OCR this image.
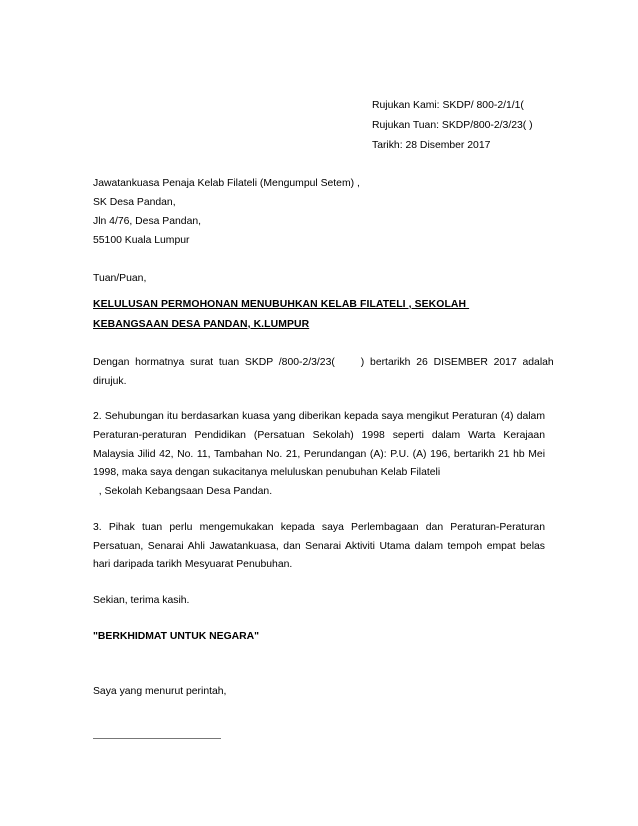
Rujukan Kami: SKDP/ 800-2/1/1(
Rujukan Tuan: SKDP/800-2/3/23( )
Tarikh: 28 Disember 2017
Jawatankuasa Penaja Kelab Filateli (Mengumpul Setem) ,
SK Desa Pandan,
Jln 4/76, Desa Pandan,
55100 Kuala Lumpur
Tuan/Puan,
KELULUSAN PERMOHONAN MENUBUHKAN KELAB FILATELI , SEKOLAH
KEBANGSAAN DESA PANDAN, K.LUMPUR
Dengan  hormatnya  surat  tuan  SKDP  /800-2/3/23(         )  bertarikh  26  DISEMBER  2017  adalah
dirujuk.
2. Sehubungan itu berdasarkan kuasa yang diberikan kepada saya mengikut Peraturan (4) dalam
Peraturan-peraturan Pendidikan (Persatuan Sekolah) 1998 seperti dalam Warta Kerajaan
Malaysia Jilid 42, No. 11, Tambahan No. 21, Perundangan (A): P.U. (A) 196, bertarikh 21 hb Mei
1998, maka saya dengan sukacitanya meluluskan penubuhan Kelab Filateli
, Sekolah Kebangsaan Desa Pandan.
3. Pihak tuan perlu mengemukakan kepada saya Perlembagaan dan Peraturan-Peraturan
Persatuan, Senarai Ahli Jawatankuasa, dan Senarai Aktiviti Utama dalam tempoh empat belas
hari daripada tarikh Mesyuarat Penubuhan.
Sekian, terima kasih.
"BERKHIDMAT UNTUK NEGARA"
Saya yang menurut perintah,
